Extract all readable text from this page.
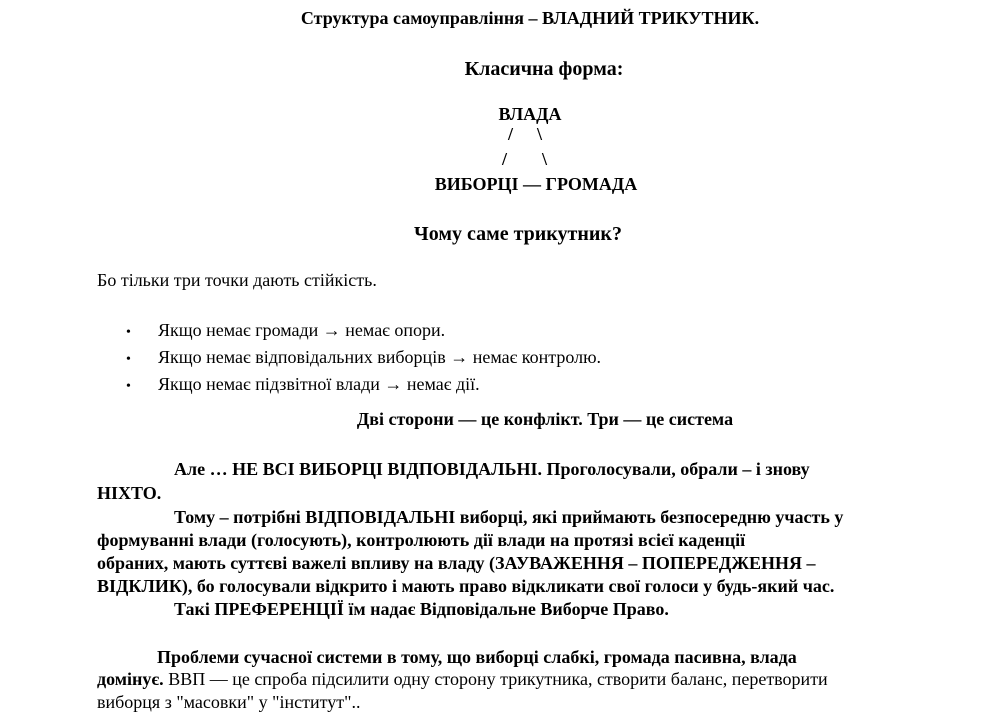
Структура самоуправління – ВЛАДНИЙ ТРИКУТНИК.
Класична форма:
ВЛАДА
/ \
/ \
ВИБОРЦІ — ГРОМАДА
Чому саме трикутник?
Бо тільки три точки дають стійкість.
•	Якщо немає громади → немає опори.
•	Якщо немає відповідальних виборців → немає контролю.
•	Якщо немає підзвітної влади → немає дії.
Дві сторони — це конфлікт. Три — це система
Але … НЕ ВСІ ВИБОРЦІ ВІДПОВІДАЛЬНІ. Проголосували, обрали – і знову
НІХТО.
Тому – потрібні ВІДПОВІДАЛЬНІ виборці, які приймають безпосередню участь у
формуванні влади (голосують), контролюють дії влади на протязі всієї каденції
обраних, мають суттєві важелі впливу на владу (ЗАУВАЖЕННЯ – ПОПЕРЕДЖЕННЯ –
ВІДКЛИК), бо голосували відкрито і мають право відкликати свої голоси у будь-який час.
Такі ПРЕФЕРЕНЦІЇ їм надає Відповідальне Виборче Право.
Проблеми сучасної системи в тому, що виборці слабкі, громада пасивна, влада
домінує. ВВП — це спроба підсилити одну сторону трикутника, створити баланс, перетворити
виборця з "масовки" у "інститут"..
